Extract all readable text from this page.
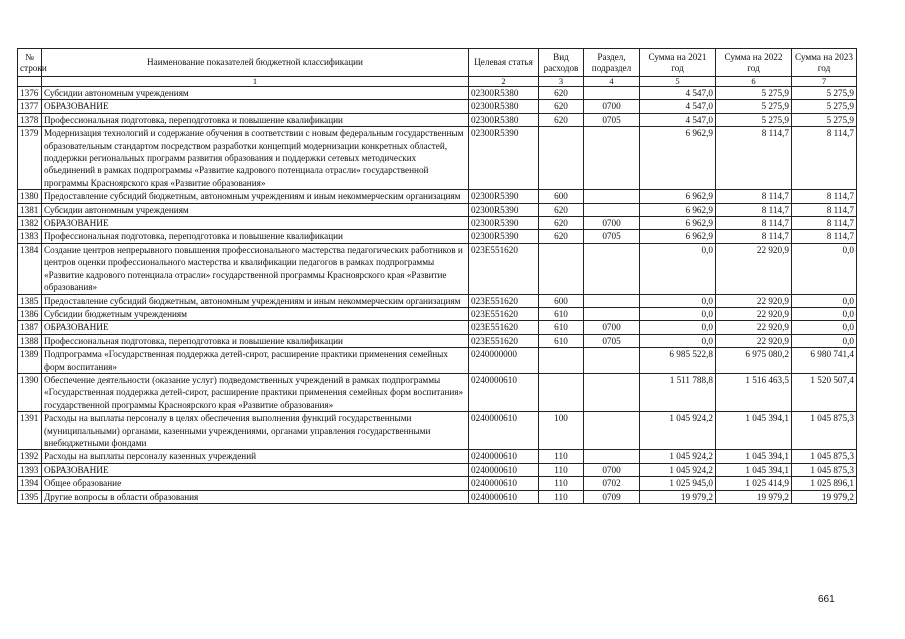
№ строки	Наименование показателей бюджетной классификации	Целевая статья	Вид расходов	Раздел, подраздел	Сумма на 2021 год	Сумма на 2022 год	Сумма на 2023 год
	1	2	3	4	5	6	7
1376	Субсидии автономным учреждениям	02300R5380	620		4 547,0	5 275,9	5 275,9
1377	ОБРАЗОВАНИЕ	02300R5380	620	0700	4 547,0	5 275,9	5 275,9
1378	Профессиональная подготовка, переподготовка и повышение квалификации	02300R5380	620	0705	4 547,0	5 275,9	5 275,9
1379	Модернизация технологий и содержание обучения в соответствии с новым федеральным государственным образовательным стандартом посредством разработки концепций модернизации конкретных областей, поддержки региональных программ развития образования и поддержки сетевых методических объединений в рамках подпрограммы «Развитие кадрового потенциала отрасли» государственной программы Красноярского края «Развитие образования»	02300R5390			6 962,9	8 114,7	8 114,7
1380	Предоставление субсидий бюджетным, автономным учреждениям и иным некоммерческим организациям	02300R5390	600		6 962,9	8 114,7	8 114,7
1381	Субсидии автономным учреждениям	02300R5390	620		6 962,9	8 114,7	8 114,7
1382	ОБРАЗОВАНИЕ	02300R5390	620	0700	6 962,9	8 114,7	8 114,7
1383	Профессиональная подготовка, переподготовка и повышение квалификации	02300R5390	620	0705	6 962,9	8 114,7	8 114,7
1384	Создание центров непрерывного повышения профессионального мастерства педагогических работников и центров оценки профессионального мастерства и квалификации педагогов в рамках подпрограммы «Развитие кадрового потенциала отрасли» государственной программы Красноярского края «Развитие образования»	023E551620			0,0	22 920,9	0,0
1385	Предоставление субсидий бюджетным, автономным учреждениям и иным некоммерческим организациям	023E551620	600		0,0	22 920,9	0,0
1386	Субсидии бюджетным учреждениям	023E551620	610		0,0	22 920,9	0,0
1387	ОБРАЗОВАНИЕ	023E551620	610	0700	0,0	22 920,9	0,0
1388	Профессиональная подготовка, переподготовка и повышение квалификации	023E551620	610	0705	0,0	22 920,9	0,0
1389	Подпрограмма «Государственная поддержка детей-сирот, расширение практики применения семейных форм воспитания»	0240000000			6 985 522,8	6 975 080,2	6 980 741,4
1390	Обеспечение деятельности (оказание услуг) подведомственных учреждений в рамках подпрограммы «Государственная поддержка детей-сирот, расширение практики применения семейных форм воспитания» государственной программы Красноярского края «Развитие образования»	0240000610			1 511 788,8	1 516 463,5	1 520 507,4
1391	Расходы на выплаты персоналу в целях обеспечения выполнения функций государственными (муниципальными) органами, казенными учреждениями, органами управления государственными внебюджетными фондами	0240000610	100		1 045 924,2	1 045 394,1	1 045 875,3
1392	Расходы на выплаты персоналу казенных учреждений	0240000610	110		1 045 924,2	1 045 394,1	1 045 875,3
1393	ОБРАЗОВАНИЕ	0240000610	110	0700	1 045 924,2	1 045 394,1	1 045 875,3
1394	Общее образование	0240000610	110	0702	1 025 945,0	1 025 414,9	1 025 896,1
1395	Другие вопросы в области образования	0240000610	110	0709	19 979,2	19 979,2	19 979,2
661
